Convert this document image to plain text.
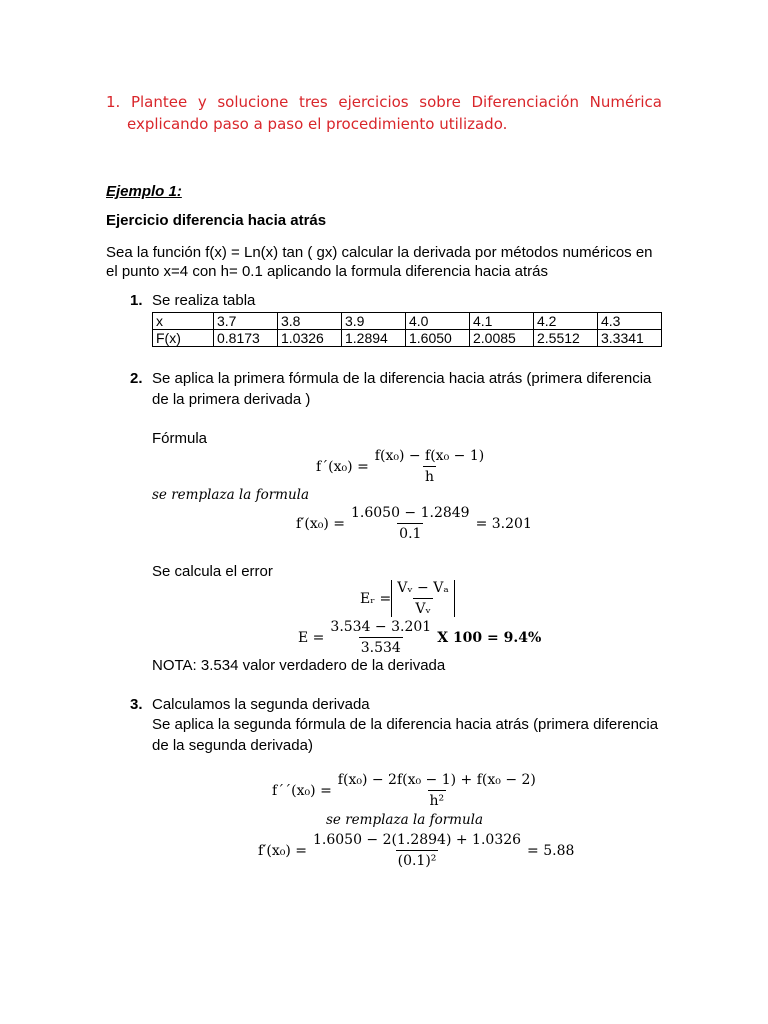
1. Plantee y solucione tres ejercicios sobre Diferenciación Numérica
explicando paso a paso el procedimiento utilizado.
Ejemplo 1:
Ejercicio diferencia hacia atrás
Sea la función f(x) = Ln(x) tan ( gx) calcular la derivada por métodos numéricos en
el punto x=4 con h= 0.1 aplicando la formula diferencia hacia atrás
1. Se realiza tabla
x	3.7	3.8	3.9	4.0	4.1	4.2	4.3
F(x)	0.8173	1.0326	1.2894	1.6050	2.0085	2.5512	3.3341
2. Se aplica la primera fórmula de la diferencia hacia atrás (primera diferencia
de la primera derivada )
Fórmula
f´(x₀) = $\frac{\text{f(x₀) − f(x₀ − 1)}}{h}$
se remplaza la formula
$f'(x_0) = \frac{1.6050 - 1.2849}{0.1} = 3.201$
Se calcula el error
Eᵣ = $\frac{\text{Vᵥ − Vₐ}}{\text{Vᵥ}}$
$E = \frac{3.534 - 3.201}{3.534}$ X 100 = 9.4%
NOTA: 3.534 valor verdadero de la derivada
3. Calculamos la segunda derivada
Se aplica la segunda fórmula de la diferencia hacia atrás (primera diferencia
de la segunda derivada)
f´´(x₀) = $\frac{\text{f(x₀) − 2f(x₀ − 1) + f(x₀ − 2)}}{\text{h²}}$
se remplaza la formula
$f'(x_0) = \frac{1.6050 - 2(1.2894) + 1.0326}{\text{(0.1)²}} = 5.88$
